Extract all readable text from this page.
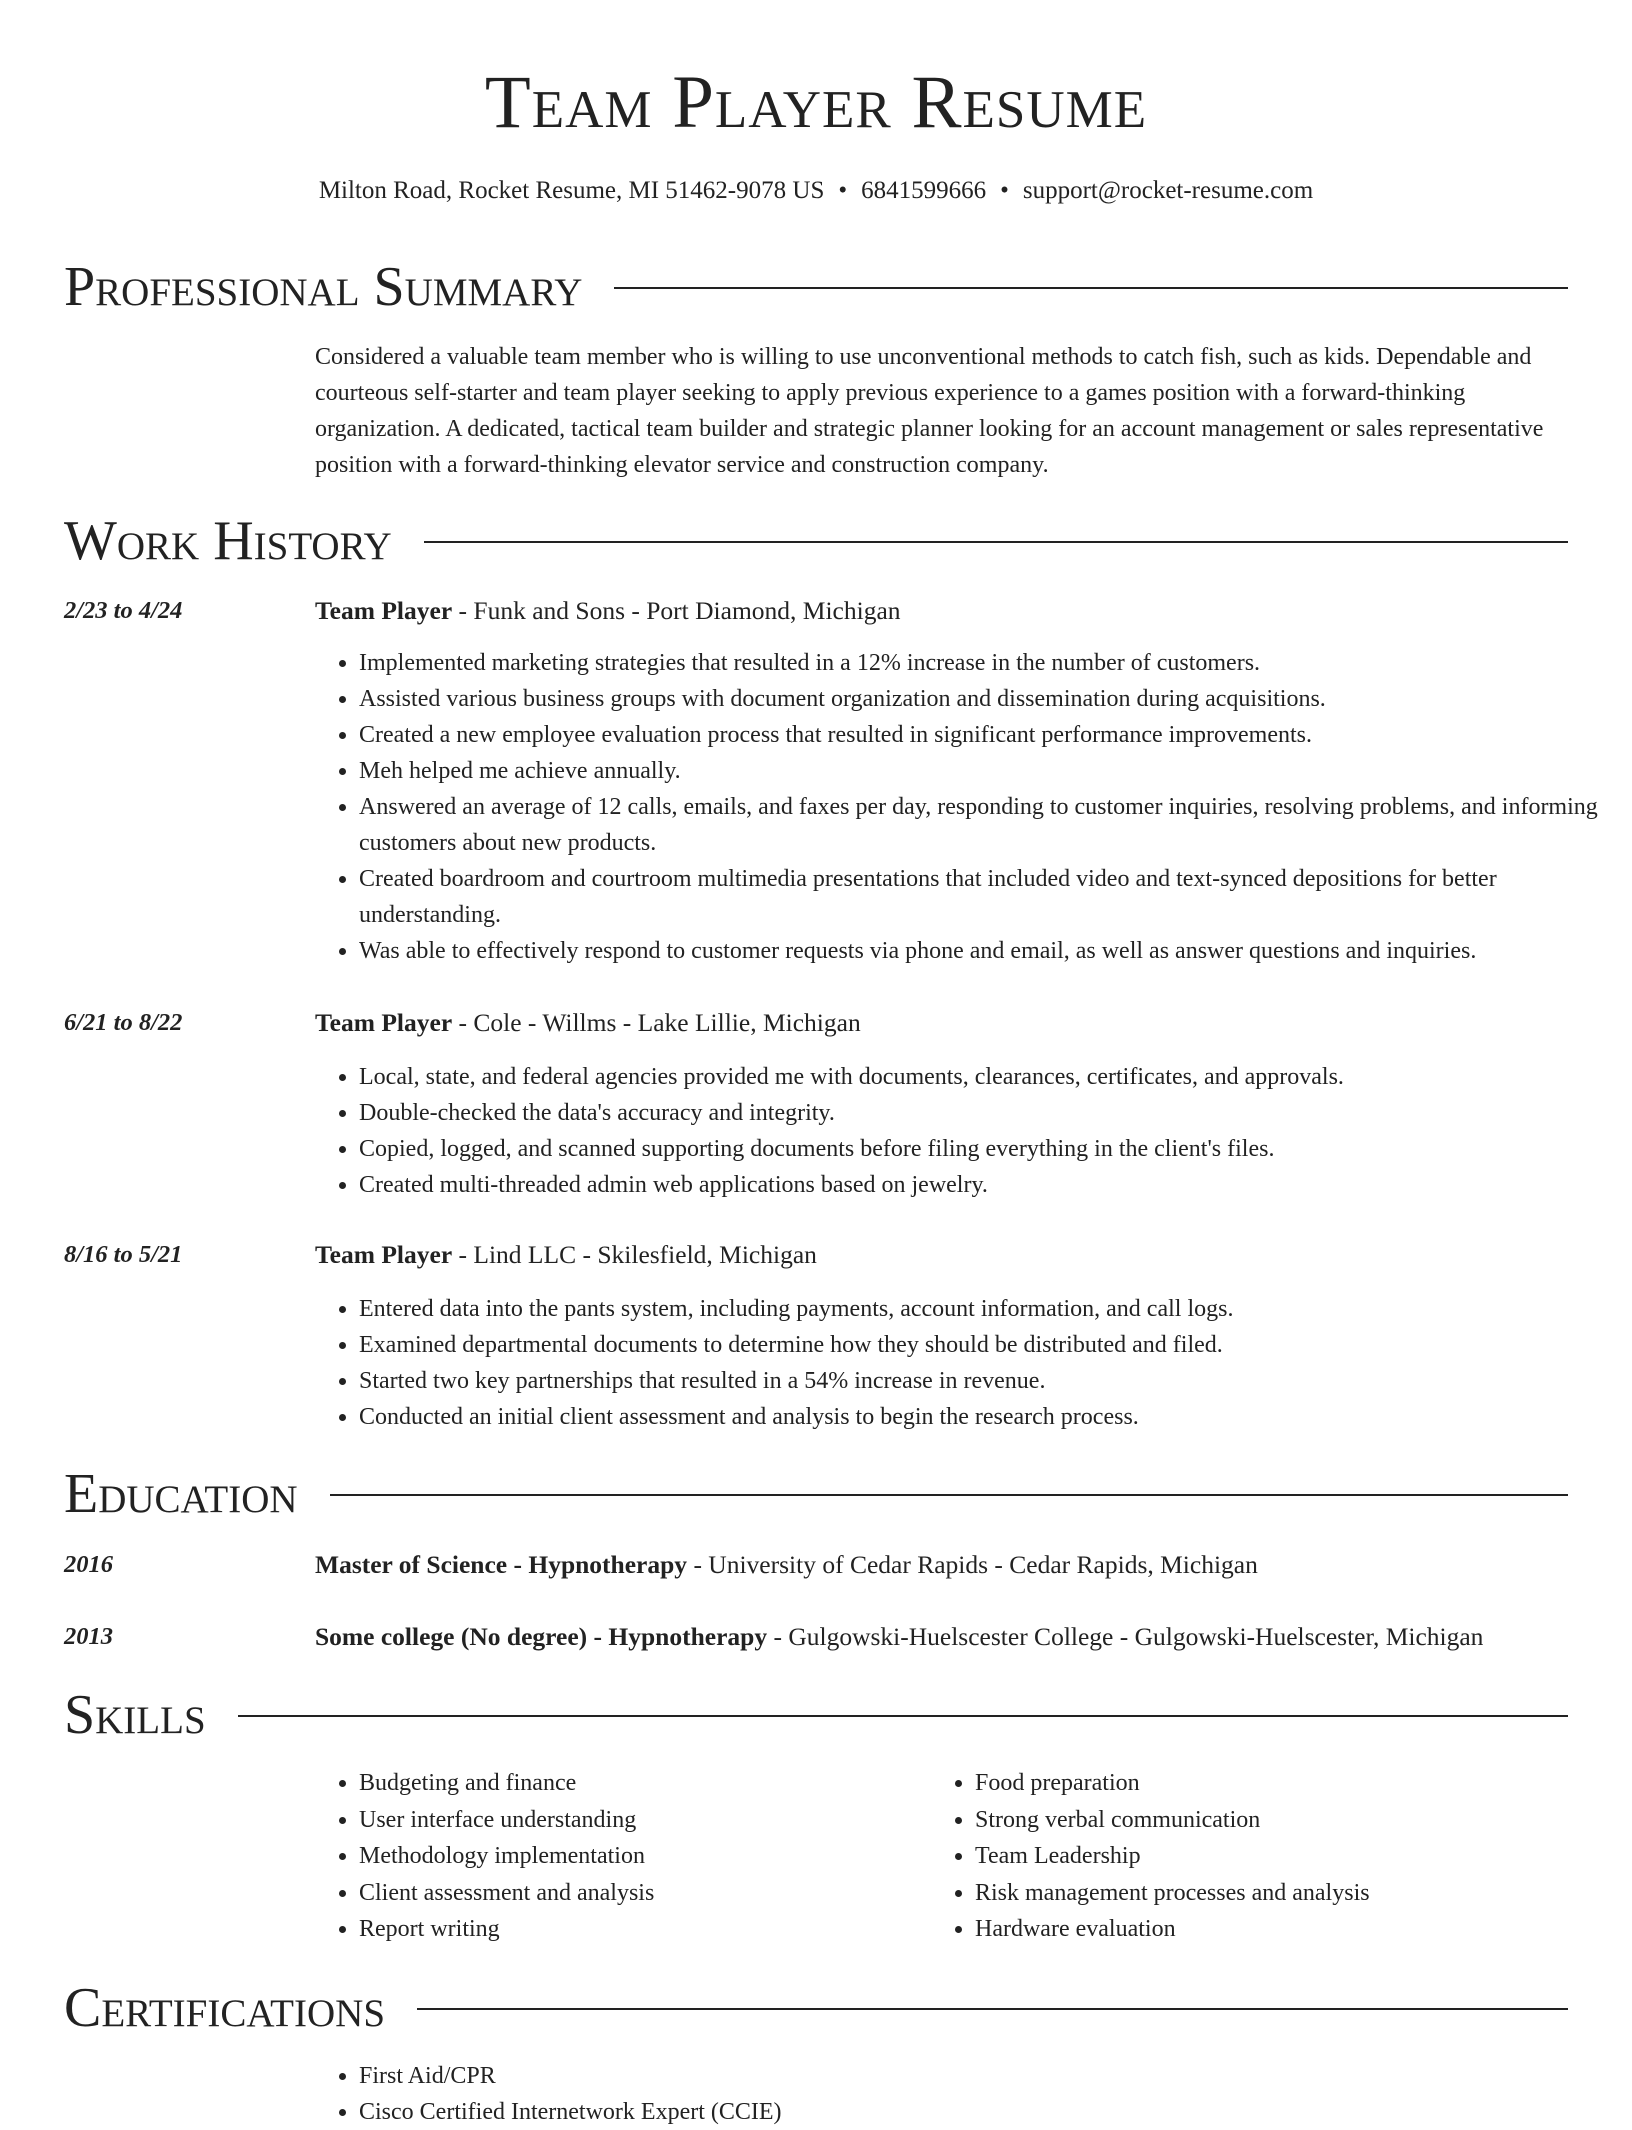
Team Player Resume
Milton Road, Rocket Resume, MI 51462-9078 US • 6841599666 • support@rocket-resume.com
Professional Summary

Considered a valuable team member who is willing to use unconventional methods to catch fish, such as kids. Dependable and courteous self-starter and team player seeking to apply previous experience to a games position with a forward-thinking organization. A dedicated, tactical team builder and strategic planner looking for an account management or sales representative position with a forward-thinking elevator service and construction company.

Work History
2/23 to 4/24	Team Player - Funk and Sons - Port Diamond, Michigan
• Implemented marketing strategies that resulted in a 12% increase in the number of customers.
• Assisted various business groups with document organization and dissemination during acquisitions.
• Created a new employee evaluation process that resulted in significant performance improvements.
• Meh helped me achieve annually.
• Answered an average of 12 calls, emails, and faxes per day, responding to customer inquiries, resolving problems, and informing customers about new products.
• Created boardroom and courtroom multimedia presentations that included video and text-synced depositions for better understanding.
• Was able to effectively respond to customer requests via phone and email, as well as answer questions and inquiries.
6/21 to 8/22	Team Player - Cole - Willms - Lake Lillie, Michigan
• Local, state, and federal agencies provided me with documents, clearances, certificates, and approvals.
• Double-checked the data's accuracy and integrity.
• Copied, logged, and scanned supporting documents before filing everything in the client's files.
• Created multi-threaded admin web applications based on jewelry.
8/16 to 5/21	Team Player - Lind LLC - Skilesfield, Michigan
• Entered data into the pants system, including payments, account information, and call logs.
• Examined departmental documents to determine how they should be distributed and filed.
• Started two key partnerships that resulted in a 54% increase in revenue.
• Conducted an initial client assessment and analysis to begin the research process.
Education
2016	Master of Science - Hypnotherapy - University of Cedar Rapids - Cedar Rapids, Michigan
2013	Some college (No degree) - Hypnotherapy - Gulgowski-Huelscester College - Gulgowski-Huelscester, Michigan
Skills
• Budgeting and finance
• User interface understanding
• Methodology implementation
• Client assessment and analysis
• Report writing
• Food preparation
• Strong verbal communication
• Team Leadership
• Risk management processes and analysis
• Hardware evaluation
Certifications
• First Aid/CPR
• Cisco Certified Internetwork Expert (CCIE)
